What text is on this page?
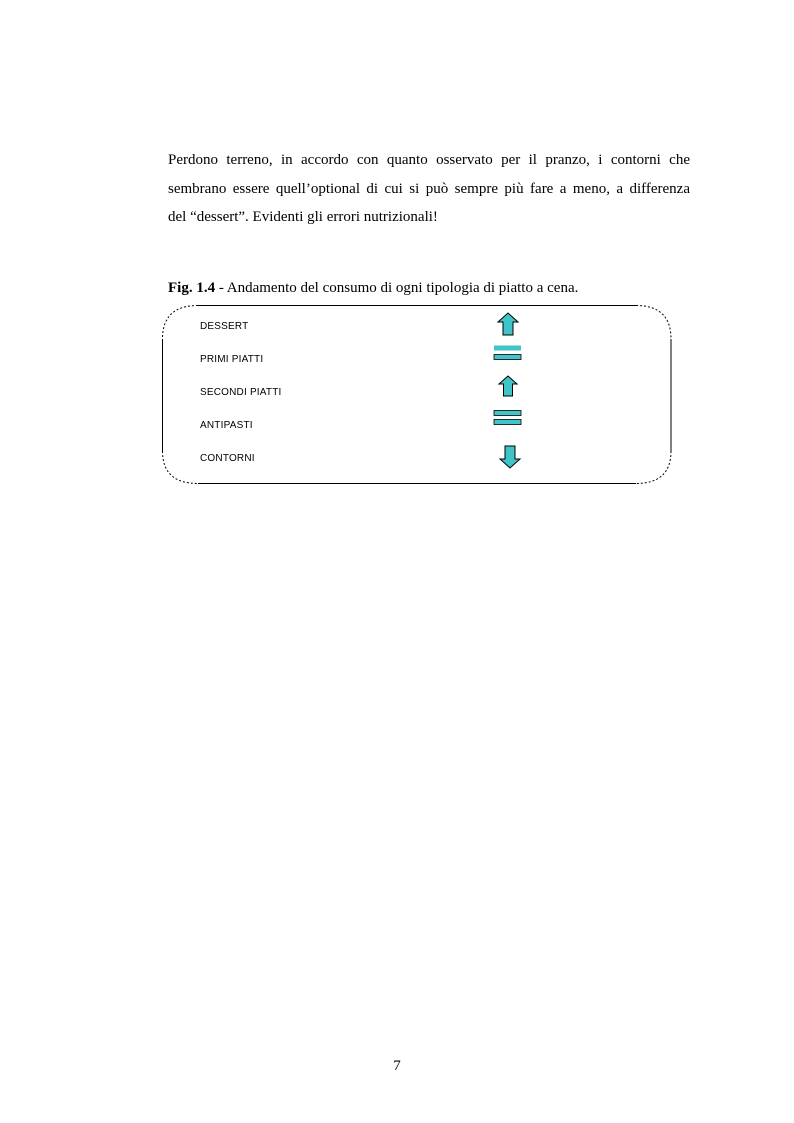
Perdono terreno, in accordo con quanto osservato per il pranzo, i contorni che
sembrano essere quell’optional di cui si può sempre più fare a meno, a differenza
del “dessert”. Evidenti gli errori nutrizionali!
Fig. 1.4 - Andamento del consumo di ogni tipologia di piatto a cena.
DESSERT
PRIMI PIATTI
SECONDI PIATTI
ANTIPASTI
CONTORNI
7
